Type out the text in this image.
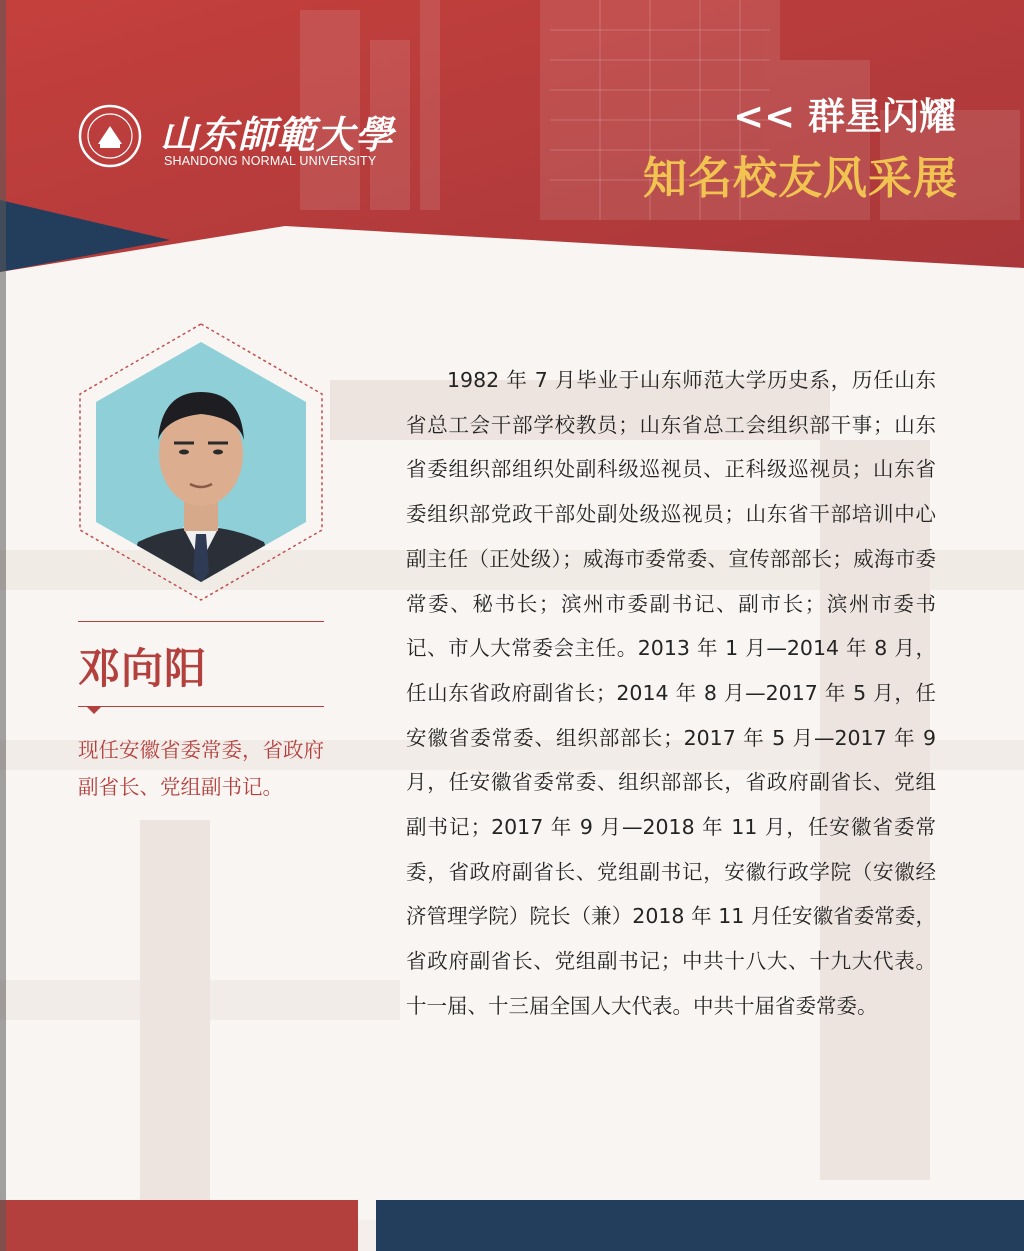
山东師範大學
SHANDONG NORMAL UNIVERSITY
<< 群星闪耀
知名校友风采展
邓向阳
现任安徽省委常委，省政府副省长、党组副书记。

1982 年 7 月毕业于山东师范大学历史系，历任山东省总工会干部学校教员；山东省总工会组织部干事；山东省委组织部组织处副科级巡视员、正科级巡视员；山东省委组织部党政干部处副处级巡视员；山东省干部培训中心副主任（正处级）；威海市委常委、宣传部部长；威海市委常委、秘书长；滨州市委副书记、副市长；滨州市委书记、市人大常委会主任。2013 年 1 月—2014 年 8 月，任山东省政府副省长；2014 年 8 月—2017 年 5 月，任安徽省委常委、组织部部长；2017 年 5 月—2017 年 9 月，任安徽省委常委、组织部部长，省政府副省长、党组副书记；2017 年 9 月—2018 年 11 月，任安徽省委常委，省政府副省长、党组副书记，安徽行政学院（安徽经济管理学院）院长（兼）2018 年 11 月任安徽省委常委，省政府副省长、党组副书记；中共十八大、十九大代表。十一届、十三届全国人大代表。中共十届省委常委。
